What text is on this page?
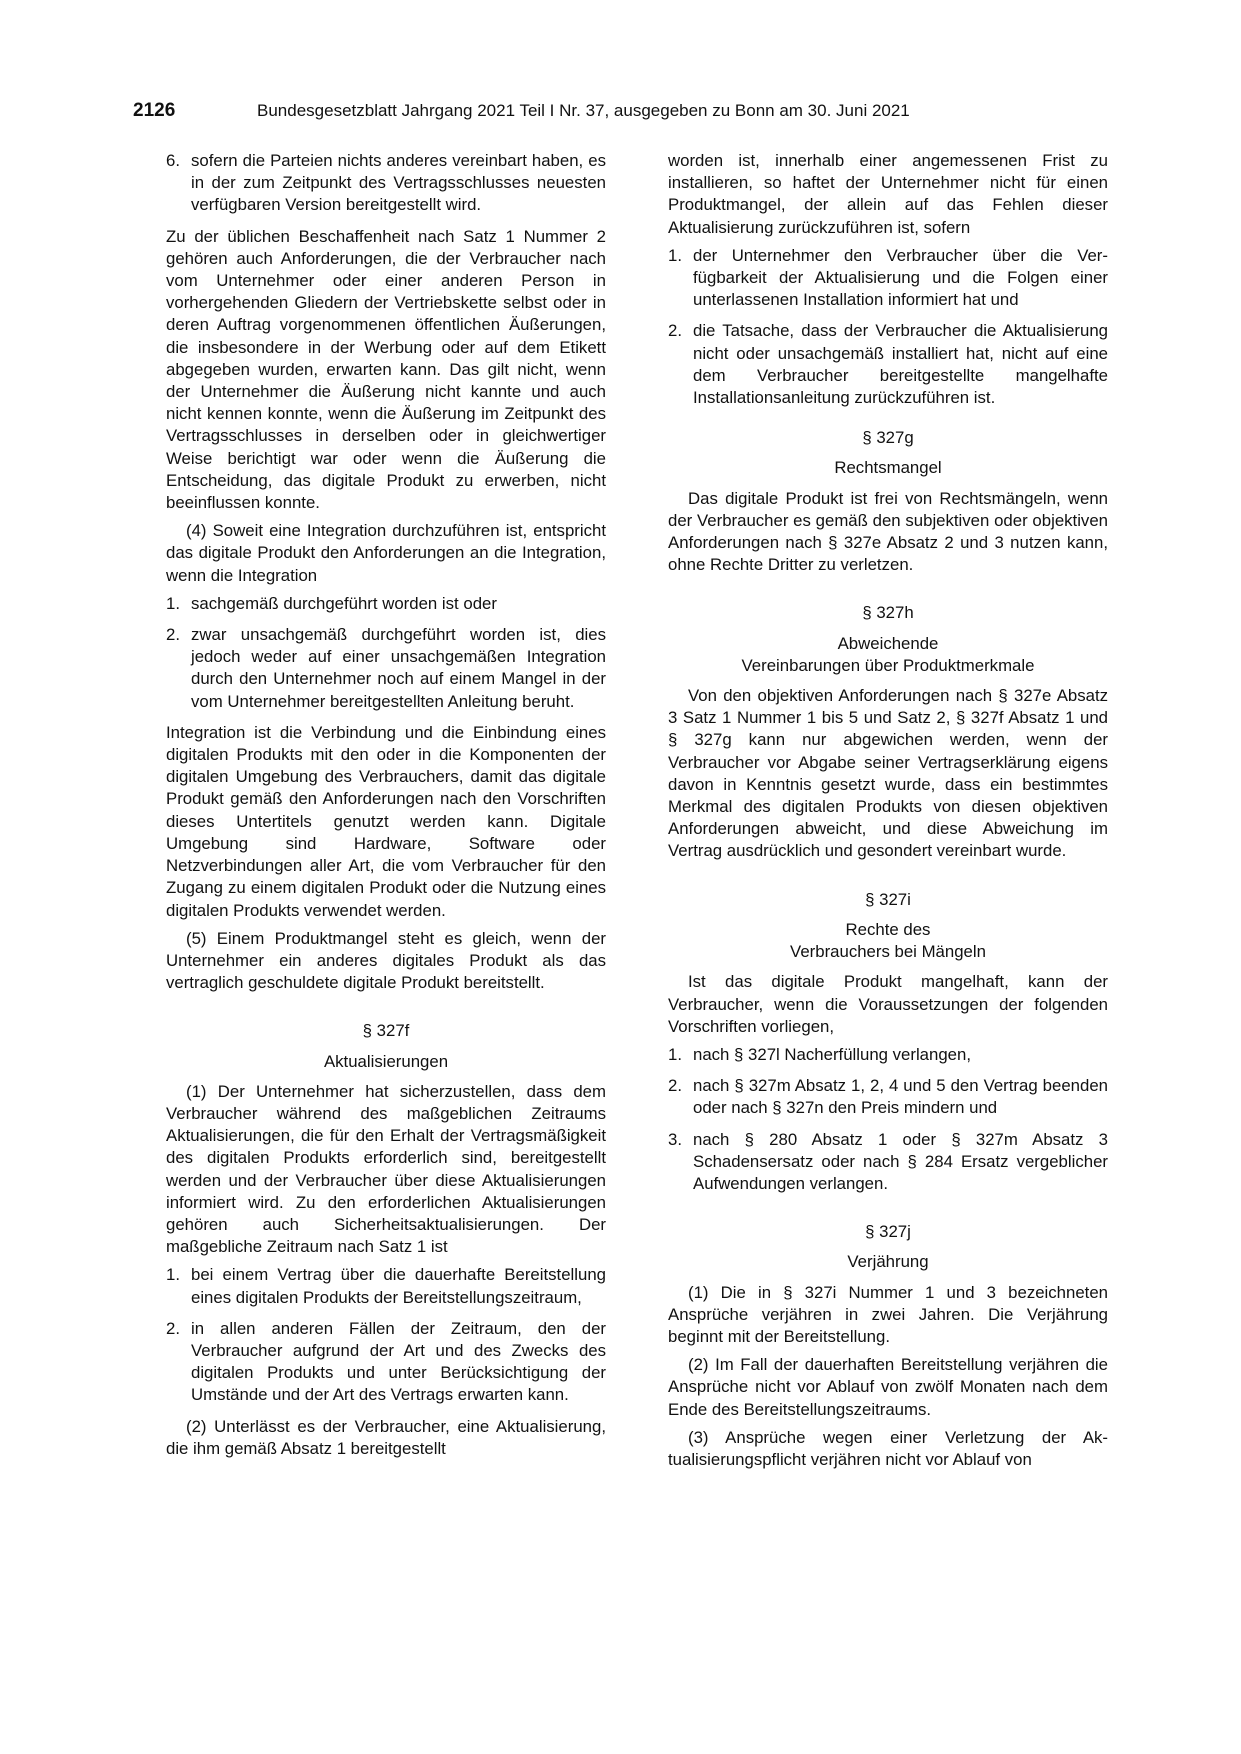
2126	Bundesgesetzblatt Jahrgang 2021 Teil I Nr. 37, ausgegeben zu Bonn am 30. Juni 2021
6. sofern die Parteien nichts anderes vereinbart haben, es in der zum Zeitpunkt des Vertragsschlusses neuesten verfügbaren Version bereitgestellt wird.

Zu der üblichen Beschaffenheit nach Satz 1 Nummer 2 gehören auch Anforderungen, die der Verbraucher nach vom Unternehmer oder einer anderen Person in vorhergehenden Gliedern der Vertriebskette selbst oder in deren Auftrag vorgenommenen öffentlichen Äußerungen, die insbesondere in der Werbung oder auf dem Etikett abgegeben wurden, erwarten kann. Das gilt nicht, wenn der Unternehmer die Äußerung nicht kannte und auch nicht kennen konnte, wenn die Äußerung im Zeitpunkt des Vertragsschlusses in derselben oder in gleichwertiger Weise berichtigt war oder wenn die Äußerung die Entscheidung, das digitale Produkt zu erwerben, nicht beeinflussen konnte.

(4) Soweit eine Integration durchzuführen ist, entspricht das digitale Produkt den Anforderungen an die Integration, wenn die Integration

1. sachgemäß durchgeführt worden ist oder
2. zwar unsachgemäß durchgeführt worden ist, dies jedoch weder auf einer unsachgemäßen Integration durch den Unternehmer noch auf einem Mangel in der vom Unternehmer bereitgestellten Anleitung beruht.

Integration ist die Verbindung und die Einbindung eines digitalen Produkts mit den oder in die Komponenten der digitalen Umgebung des Verbrauchers, damit das digitale Produkt gemäß den Anforderungen nach den Vorschriften dieses Untertitels genutzt werden kann. Digitale Umgebung sind Hardware, Software oder Netzverbindungen aller Art, die vom Verbraucher für den Zugang zu einem digitalen Produkt oder die Nutzung eines digitalen Produkts verwendet werden.

(5) Einem Produktmangel steht es gleich, wenn der Unternehmer ein anderes digitales Produkt als das vertraglich geschuldete digitale Produkt bereitstellt.

§ 327f
Aktualisierungen

(1) Der Unternehmer hat sicherzustellen, dass dem Verbraucher während des maßgeblichen Zeitraums Aktualisierungen, die für den Erhalt der Vertragsmäßigkeit des digitalen Produkts erforderlich sind, bereitgestellt werden und der Verbraucher über diese Aktualisierungen informiert wird. Zu den erforderlichen Aktualisierungen gehören auch Sicherheitsaktualisierungen. Der maßgebliche Zeitraum nach Satz 1 ist

1. bei einem Vertrag über die dauerhafte Bereitstellung eines digitalen Produkts der Bereitstellungszeitraum,
2. in allen anderen Fällen der Zeitraum, den der Verbraucher aufgrund der Art und des Zwecks des digitalen Produkts und unter Berücksichtigung der Umstände und der Art des Vertrags erwarten kann.

(2) Unterlässt es der Verbraucher, eine Aktualisierung, die ihm gemäß Absatz 1 bereitgestellt

worden ist, innerhalb einer angemessenen Frist zu installieren, so haftet der Unternehmer nicht für einen Produktmangel, der allein auf das Fehlen dieser Aktualisierung zurückzuführen ist, sofern

1. der Unternehmer den Verbraucher über die Verfügbarkeit der Aktualisierung und die Folgen einer unterlassenen Installation informiert hat und
2. die Tatsache, dass der Verbraucher die Aktualisierung nicht oder unsachgemäß installiert hat, nicht auf eine dem Verbraucher bereitgestellte mangelhafte Installationsanleitung zurückzuführen ist.
§ 327g
Rechtsmangel

Das digitale Produkt ist frei von Rechtsmängeln, wenn der Verbraucher es gemäß den subjektiven oder objektiven Anforderungen nach § 327e Absatz 2 und 3 nutzen kann, ohne Rechte Dritter zu verletzen.

§ 327h
Abweichende
Vereinbarungen über Produktmerkmale

Von den objektiven Anforderungen nach § 327e Absatz 3 Satz 1 Nummer 1 bis 5 und Satz 2, § 327f Absatz 1 und § 327g kann nur abgewichen werden, wenn der Verbraucher vor Abgabe seiner Vertragserklärung eigens davon in Kenntnis gesetzt wurde, dass ein bestimmtes Merkmal des digitalen Produkts von diesen objektiven Anforderungen abweicht, und diese Abweichung im Vertrag ausdrücklich und gesondert vereinbart wurde.

§ 327i
Rechte des
Verbrauchers bei Mängeln

Ist das digitale Produkt mangelhaft, kann der Verbraucher, wenn die Voraussetzungen der folgenden Vorschriften vorliegen,

1. nach § 327l Nacherfüllung verlangen,
2. nach § 327m Absatz 1, 2, 4 und 5 den Vertrag beenden oder nach § 327n den Preis mindern und
3. nach § 280 Absatz 1 oder § 327m Absatz 3 Schadensersatz oder nach § 284 Ersatz vergeblicher Aufwendungen verlangen.
§ 327j
Verjährung

(1) Die in § 327i Nummer 1 und 3 bezeichneten Ansprüche verjähren in zwei Jahren. Die Verjährung beginnt mit der Bereitstellung.

(2) Im Fall der dauerhaften Bereitstellung verjähren die Ansprüche nicht vor Ablauf von zwölf Monaten nach dem Ende des Bereitstellungszeitraums.

(3) Ansprüche wegen einer Verletzung der Aktualisierungspflicht verjähren nicht vor Ablauf von
